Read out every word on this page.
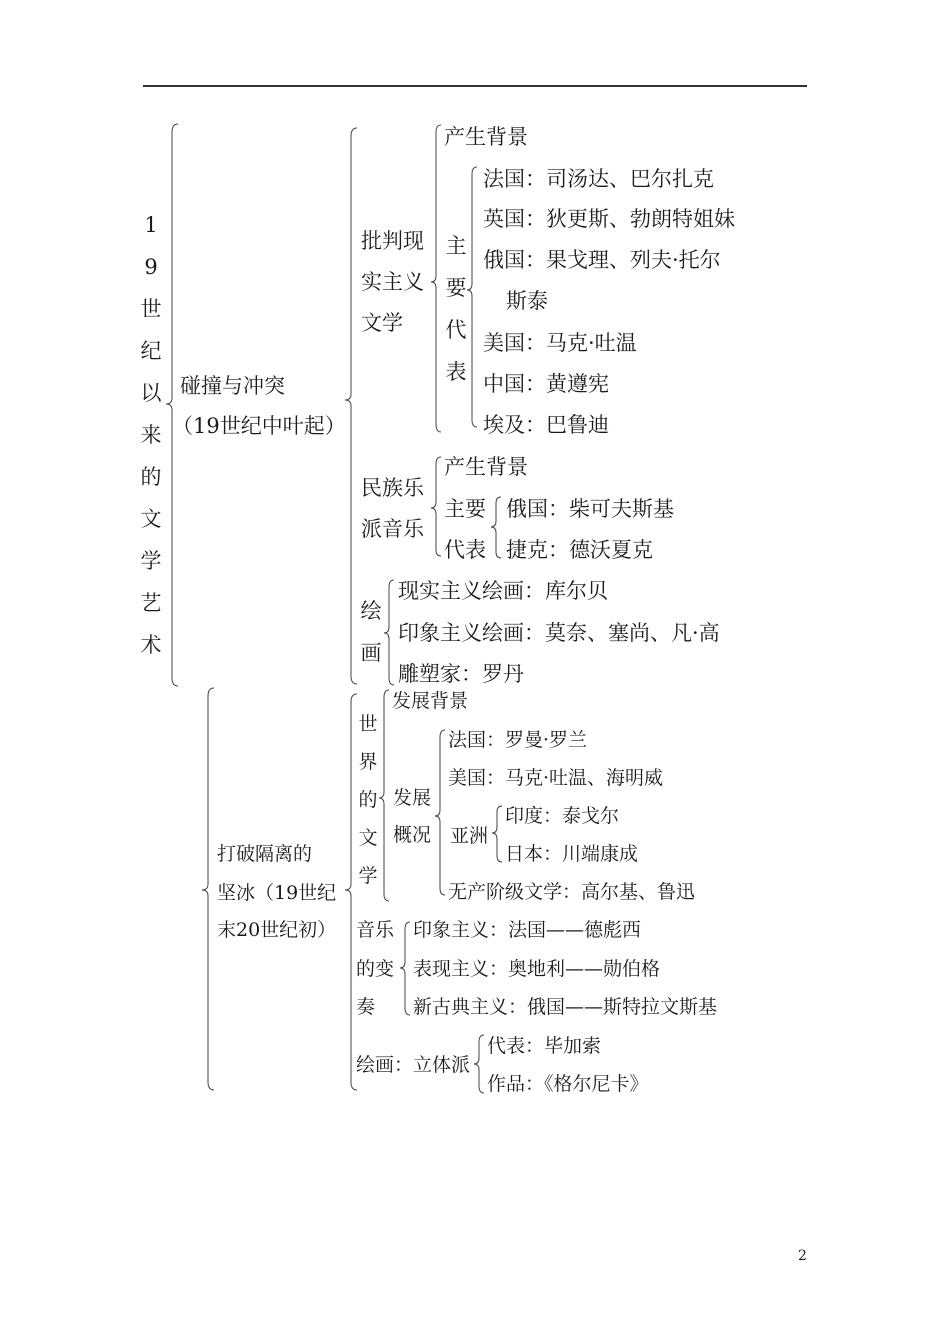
19世纪以来的文学艺术
碰撞与冲突
（19世纪中叶起）
批判现
实主义
文学
产生背景
主要代表
法国：司汤达、巴尔扎克
英国：狄更斯、勃朗特姐妹
俄国：果戈理、列夫·托尔
斯泰
美国：马克·吐温
中国：黄遵宪
埃及：巴鲁迪
民族乐
派音乐
产生背景
主要
代表
俄国：柴可夫斯基
捷克：德沃夏克
绘画
现实主义绘画：库尔贝
印象主义绘画：莫奈、塞尚、凡·高
雕塑家：罗丹
打破隔离的
坚冰（19世纪
末20世纪初）
世界的文学
发展背景
发展
概况
法国：罗曼·罗兰
美国：马克·吐温、海明威
亚洲
印度：泰戈尔
日本：川端康成
无产阶级文学：高尔基、鲁迅
音乐
的变
奏
印象主义：法国——德彪西
表现主义：奥地利——勋伯格
新古典主义：俄国——斯特拉文斯基
绘画：立体派
代表：毕加索
作品：《格尔尼卡》
2
